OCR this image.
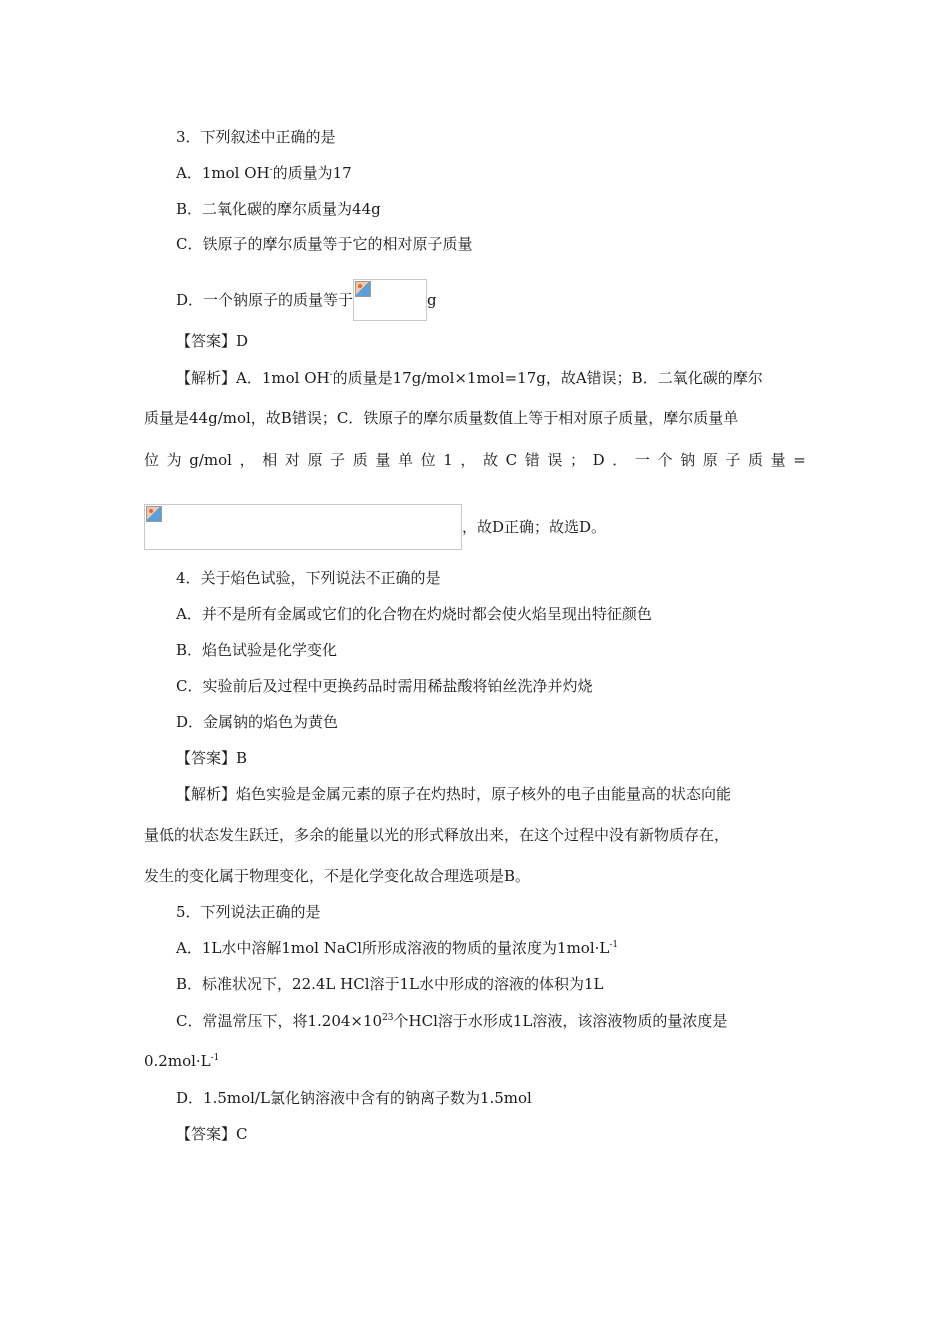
3．下列叙述中正确的是
A．1mol OH-的质量为17
B．二氧化碳的摩尔质量为44g
C．铁原子的摩尔质量等于它的相对原子质量
D．一个钠原子的质量等于	g
【答案】D
【解析】A．1mol OH-的质量是17g/mol×1mol=17g，故A错误；B．二氧化碳的摩尔
质量是44g/mol，故B错误；C．铁原子的摩尔质量数值上等于相对原子质量，摩尔质量单
位 为 g/mol ， 相 对 原 子 质 量 单 位 1 ， 故 C 错 误 ； D ． 一 个 钠 原 子 质 量 =
，故D正确；故选D。
4．关于焰色试验，下列说法不正确的是
A．并不是所有金属或它们的化合物在灼烧时都会使火焰呈现出特征颜色
B．焰色试验是化学变化
C．实验前后及过程中更换药品时需用稀盐酸将铂丝洗净并灼烧
D．金属钠的焰色为黄色
【答案】B
【解析】焰色实验是金属元素的原子在灼热时，原子核外的电子由能量高的状态向能
量低的状态发生跃迁，多余的能量以光的形式释放出来，在这个过程中没有新物质存在，
发生的变化属于物理变化，不是化学变化故合理选项是B。
5．下列说法正确的是
A．1L水中溶解1mol NaCl所形成溶液的物质的量浓度为$1mol\cdot L^{-1}$
B．标准状况下，22.4L HCl溶于1L水中形成的溶液的体积为1L
C．常温常压下，将$1.204\times 10^{23}$个HCl溶于水形成1L溶液，该溶液物质的量浓度是
$0.2mol\cdot L^{-1}$
D．1.5mol/L氯化钠溶液中含有的钠离子数为1.5mol
【答案】C
